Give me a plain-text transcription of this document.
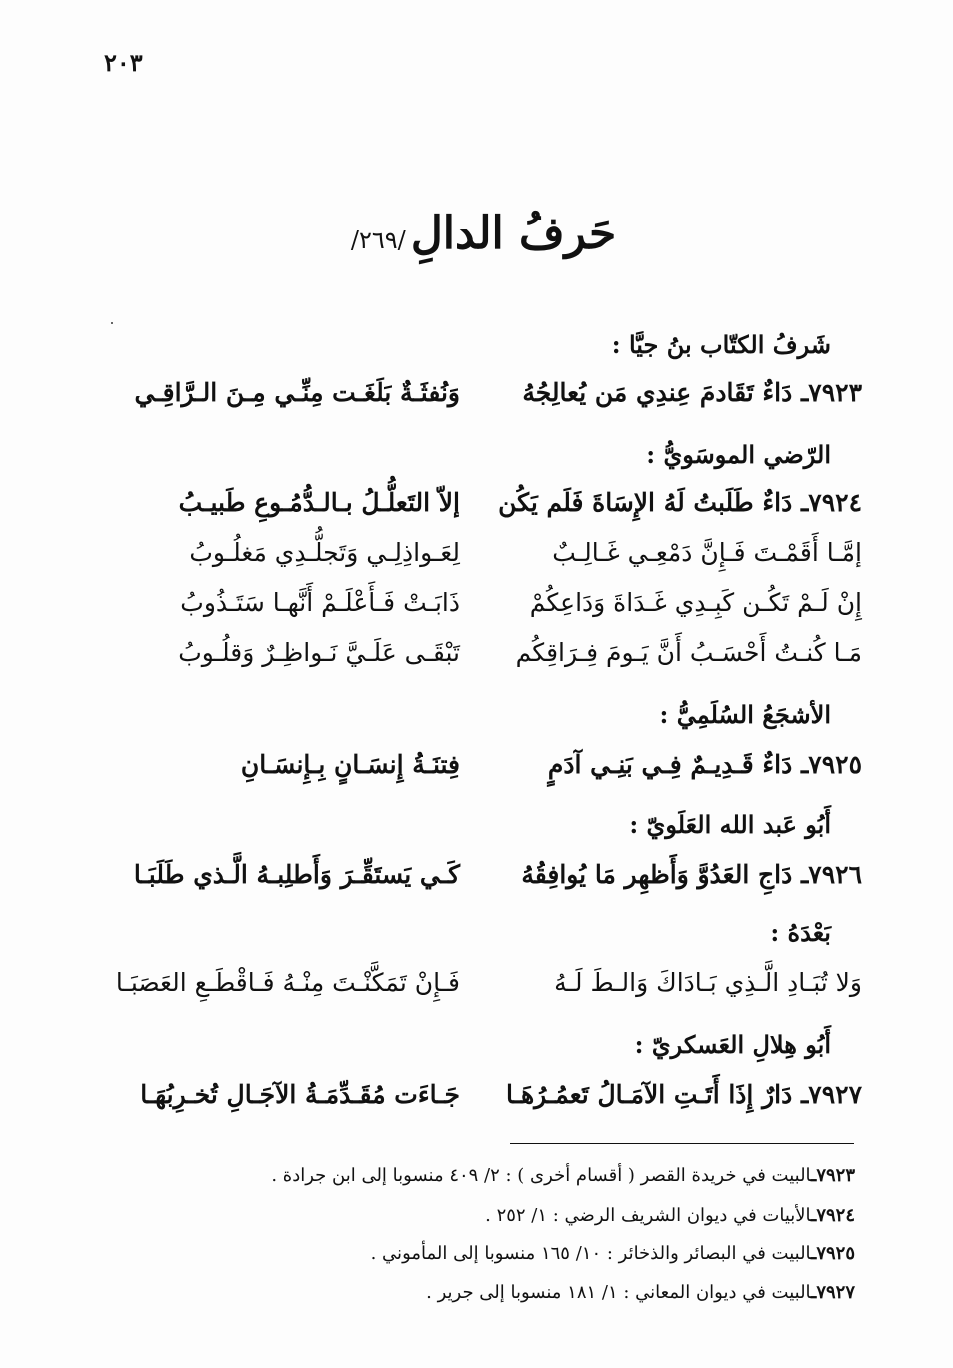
٢٠٣
حَرفُ الدالِ /٢٦٩/
شَرفُ الكتّاب بنُ جيَّا :
٧٩٢٣ـ دَاءٌ تَقَادمَ عِندِي مَن يُعالِجُهُ
وَنُفثَـةٌ بَلَغَـت مِنِّـي مِـنَ الـرَّاقِـي
الرّضي الموسَويُّ :
٧٩٢٤ـ دَاءٌ طَلَبتُ لَهُ الإِسَاةَ فَلَم يَكُن
إلاّ التَعلُّـلُ بـالـدُّمُـوعِ طَبيـبُ
إمَّـا أَقَمْـتَ فَـإِنَّ دَمْعِـي غَـالِـبٌ
لِعَـواذِلِـي وَتَجلُّـدِي مَغلُـوبُ
إِنْ لَـمْ تَكُـن كَبِـدِي غَـدَاةَ وَدَاعِكُمْ
ذَابَـتْ فَـأَعْلَـمْ أَنَّهـا سَتَـذُوبُ
مَـا كُنـتُ أَحْسَـبُ أَنَّ يَـومَ فِـرَاقِكُم
تَبْقَـى عَلَـيَّ نَـواظِـرٌ وَقلُـوبُ
الأشجَعُ السُلَمِيُّ :
٧٩٢٥ـ دَاءٌ قَـدِيـمٌ فِـي بَنِـي آدَمٍ
فِتنَـةُ إِنسَـانٍ بِـإِنسَـانِ
أَبُو عَبد الله العَلَويّ :
٧٩٢٦ـ دَاجِ العَدُوَّ وَأَظهِر مَا يُوافِقُهُ
كَـي يَستَقِّـرَ وَأَطلِبـهُ الَّـذي طَلَبَـا
بَعْدَهُ :
وَلا تُبَـادِ الَّـذِي بَـادَاكَ وَالـطَ لَـهُ
فَـإِنْ تَمَكَّنْـتَ مِنْـهُ فَـاقْطَـعِ العَصَبَـا
أَبُو هِلالِ العَسكريّ :
٧٩٢٧ـ دَارٌ إِذَا أَتَـتِ الآمَـالُ تَعمُـرُهَـا
جَـاءَت مُقَـدِّمَـةُ الآجَـالِ تُخـرِبُهَـا
٧٩٢٣ـالبيت في خريدة القصر ( أقسام أخرى ) : ٢/ ٤٠٩ منسوبا إلى ابن جرادة .
٧٩٢٤ـالأبيات في ديوان الشريف الرضي : ١/ ٢٥٢ .
٧٩٢٥ـالبيت في البصائر والذخائر : ١٠/ ١٦٥ منسوبا إلى المأموني .
٧٩٢٧ـالبيت في ديوان المعاني : ١/ ١٨١ منسوبا إلى جرير .
